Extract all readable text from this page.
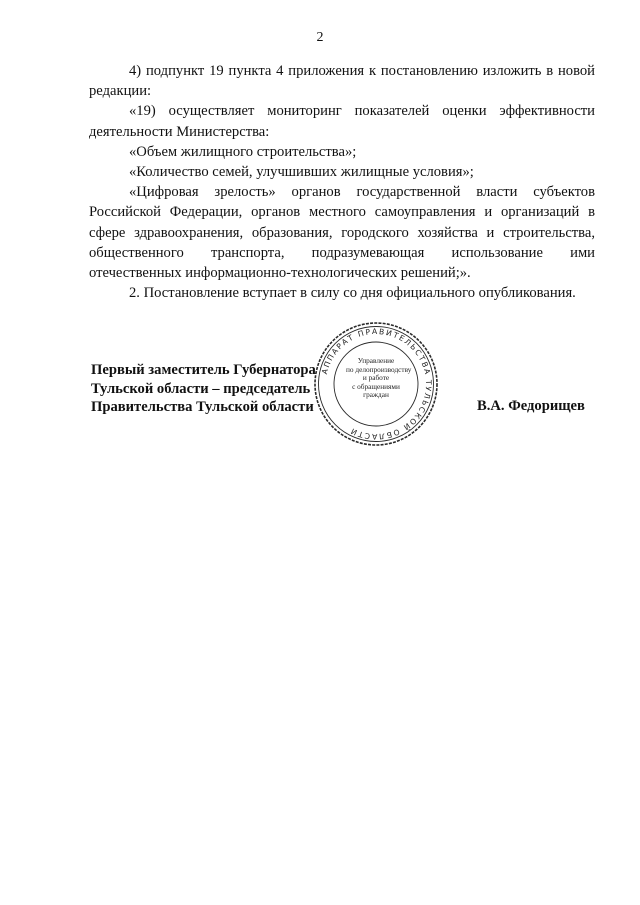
2

4) подпункт 19 пункта 4 приложения к постановлению изложить в новой редакции:

«19) осуществляет мониторинг показателей оценки эффективности деятельности Министерства:

«Объем жилищного строительства»;

«Количество семей, улучшивших жилищные условия»;

«Цифровая зрелость» органов государственной власти субъектов Российской Федерации, органов местного самоуправления и организаций в сфере здравоохранения, образования, городского хозяйства и строительства, общественного транспорта, подразумевающая использование ими отечественных информационно-технологических решений;».

2. Постановление вступает в силу со дня официального опубликования.

Первый заместитель Губернатора
Тульской области – председатель
Правительства Тульской области	В.А. Федорищев
АППАРАТ ПРАВИТЕЛЬСТВА ТУЛЬСКОЙ ОБЛАСТИ
Управление
по делопроизводству
и работе
с обращениями
граждан
